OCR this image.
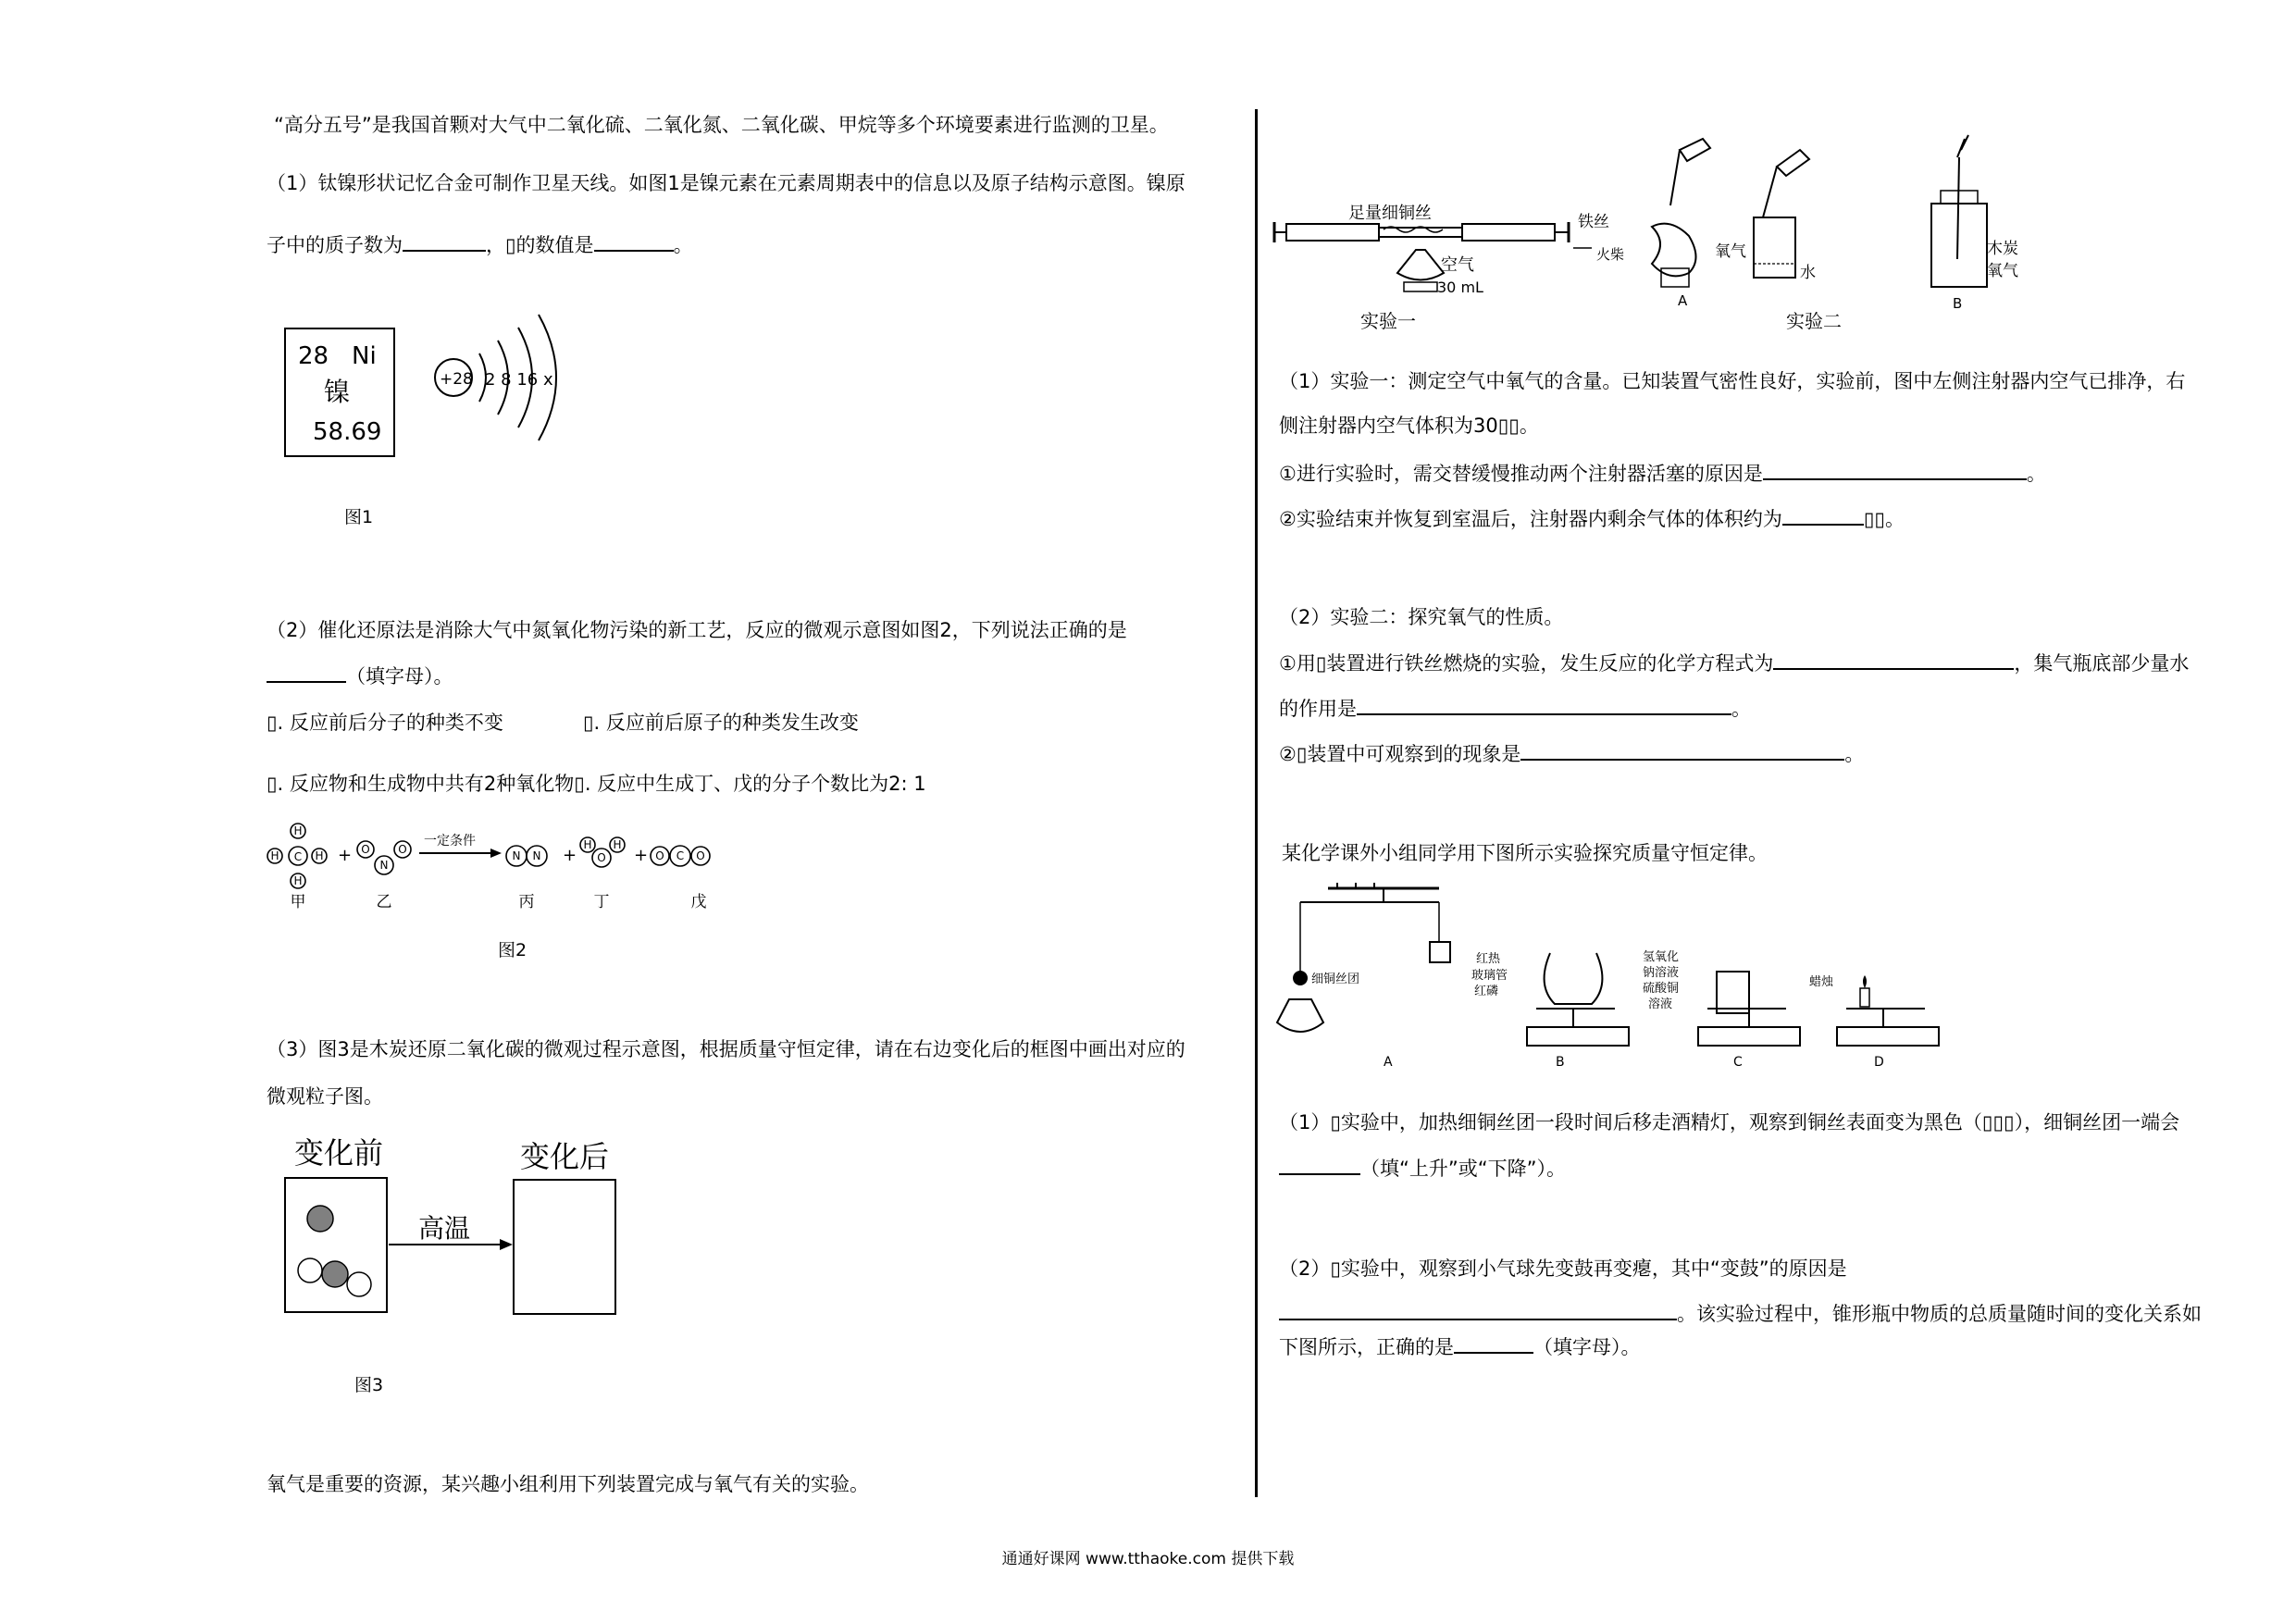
“高分五号”是我国首颗对大气中二氧化硫、二氧化氮、二氧化碳、甲烷等多个环境要素进行监测的卫星。
（1）钛镍形状记忆合金可制作卫星天线。如图1是镍元素在元素周期表中的信息以及原子结构示意图。镍原
子中的质子数为	，▯的数值是	。
28 Ni
镍
58.69
+28 2 8 16 x
图1
（2）催化还原法是消除大气中氮氧化物污染的新工艺，反应的微观示意图如图2，下列说法正确的是
（填字母）。
▯. 反应前后分子的种类不变	▯. 反应前后原子的种类发生改变
▯. 反应物和生成物中共有2种氧化物▯. 反应中生成丁、戊的分子个数比为2: 1
C
H
H
H	H + O
N
O
一定条件
N N +
H
O
H
+ O C O
甲	乙	丙	丁	戊
图2
（3）图3是木炭还原二氧化碳的微观过程示意图，根据质量守恒定律，请在右边变化后的框图中画出对应的
微观粒子图。
变化前
高温
变化后
图3
氧气是重要的资源，某兴趣小组利用下列装置完成与氧气有关的实验。
足量细铜丝
空气
30 mL
实验一
铁丝
火柴
A
氧气
水
实验二
木炭
氧气
B
（1）实验一：测定空气中氧气的含量。已知装置气密性良好，实验前，图中左侧注射器内空气已排净，右
侧注射器内空气体积为30▯▯。
①进行实验时，需交替缓慢推动两个注射器活塞的原因是	。
②实验结束并恢复到室温后，注射器内剩余气体的体积约为	▯▯。
（2）实验二：探究氧气的性质。
①用▯装置进行铁丝燃烧的实验，发生反应的化学方程式为	，集气瓶底部少量水
的作用是	。
②▯装置中可观察到的现象是	。
某化学课外小组同学用下图所示实验探究质量守恒定律。
细铜丝团
A
红热
玻璃管
红磷
B
氢氧化
钠溶液
硫酸铜
溶液
C
蜡烛
D
（1）▯实验中，加热细铜丝团一段时间后移走酒精灯，观察到铜丝表面变为黑色（▯▯▯），细铜丝团一端会
（填“上升”或“下降”）。
（2）▯实验中，观察到小气球先变鼓再变瘪，其中“变鼓”的原因是
。该实验过程中，锥形瓶中物质的总质量随时间的变化关系如
下图所示，正确的是	（填字母）。
通通好课网 www.tthaoke.com 提供下载
